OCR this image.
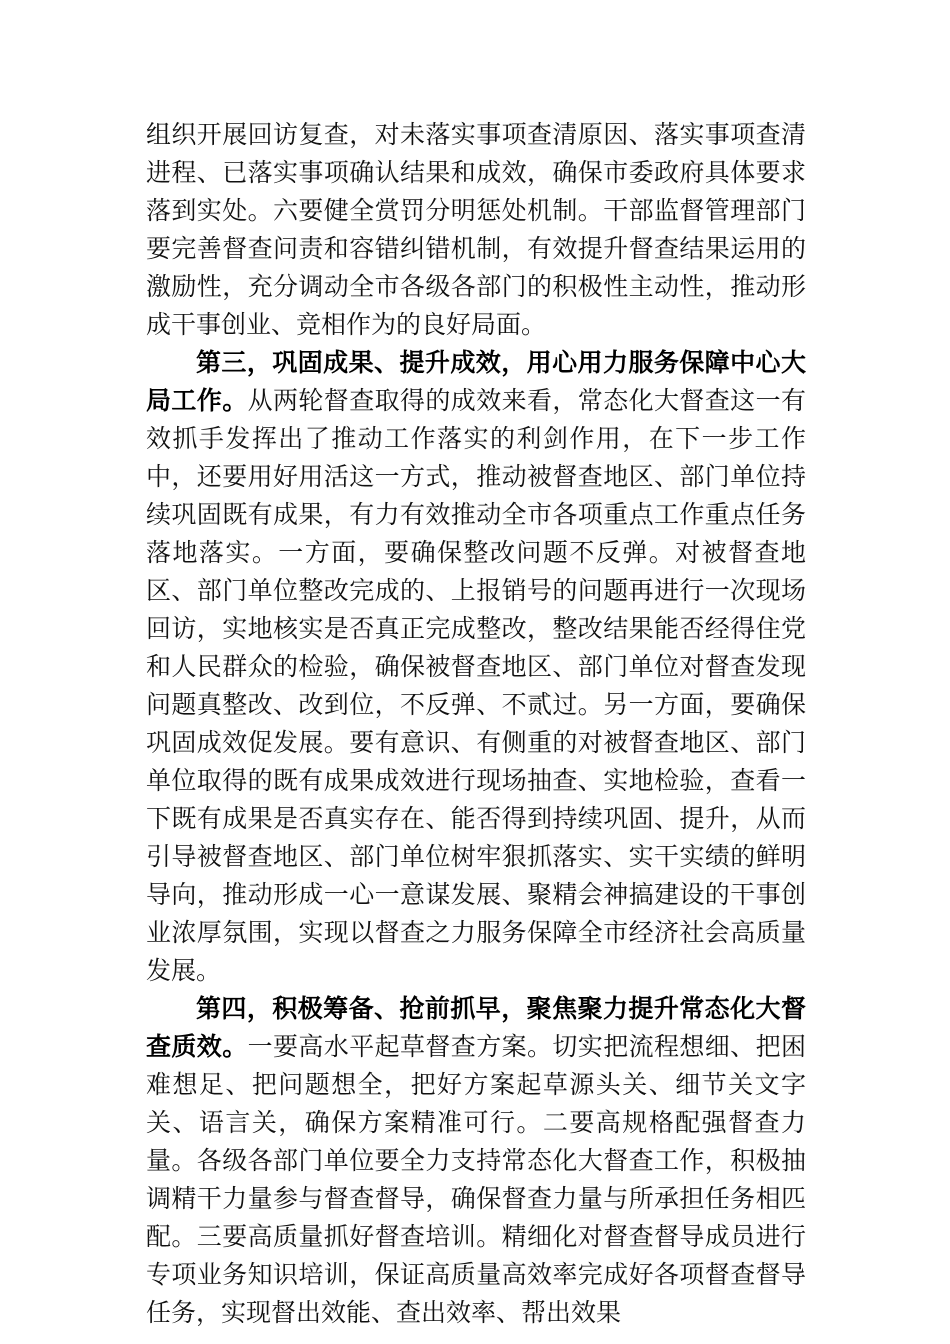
组织开展回访复查，对未落实事项查清原因、落实事项查清进程、已落实事项确认结果和成效，确保市委政府具体要求落到实处。六要健全赏罚分明惩处机制。干部监督管理部门要完善督查问责和容错纠错机制，有效提升督查结果运用的激励性，充分调动全市各级各部门的积极性主动性，推动形成干事创业、竞相作为的良好局面。

第三，巩固成果、提升成效，用心用力服务保障中心大局工作。从两轮督查取得的成效来看，常态化大督查这一有效抓手发挥出了推动工作落实的利剑作用，在下一步工作中，还要用好用活这一方式，推动被督查地区、部门单位持续巩固既有成果，有力有效推动全市各项重点工作重点任务落地落实。一方面，要确保整改问题不反弹。对被督查地区、部门单位整改完成的、上报销号的问题再进行一次现场回访，实地核实是否真正完成整改，整改结果能否经得住党和人民群众的检验，确保被督查地区、部门单位对督查发现问题真整改、改到位，不反弹、不贰过。另一方面，要确保巩固成效促发展。要有意识、有侧重的对被督查地区、部门单位取得的既有成果成效进行现场抽查、实地检验，查看一下既有成果是否真实存在、能否得到持续巩固、提升，从而引导被督查地区、部门单位树牢狠抓落实、实干实绩的鲜明导向，推动形成一心一意谋发展、聚精会神搞建设的干事创业浓厚氛围，实现以督查之力服务保障全市经济社会高质量发展。

第四，积极筹备、抢前抓早，聚焦聚力提升常态化大督查质效。一要高水平起草督查方案。切实把流程想细、把困难想足、把问题想全，把好方案起草源头关、细节关文字关、语言关，确保方案精准可行。二要高规格配强督查力量。各级各部门单位要全力支持常态化大督查工作，积极抽调精干力量参与督查督导，确保督查力量与所承担任务相匹配。三要高质量抓好督查培训。精细化对督查督导成员进行专项业务知识培训，保证高质量高效率完成好各项督查督导任务，实现督出效能、查出效率、帮出效果
